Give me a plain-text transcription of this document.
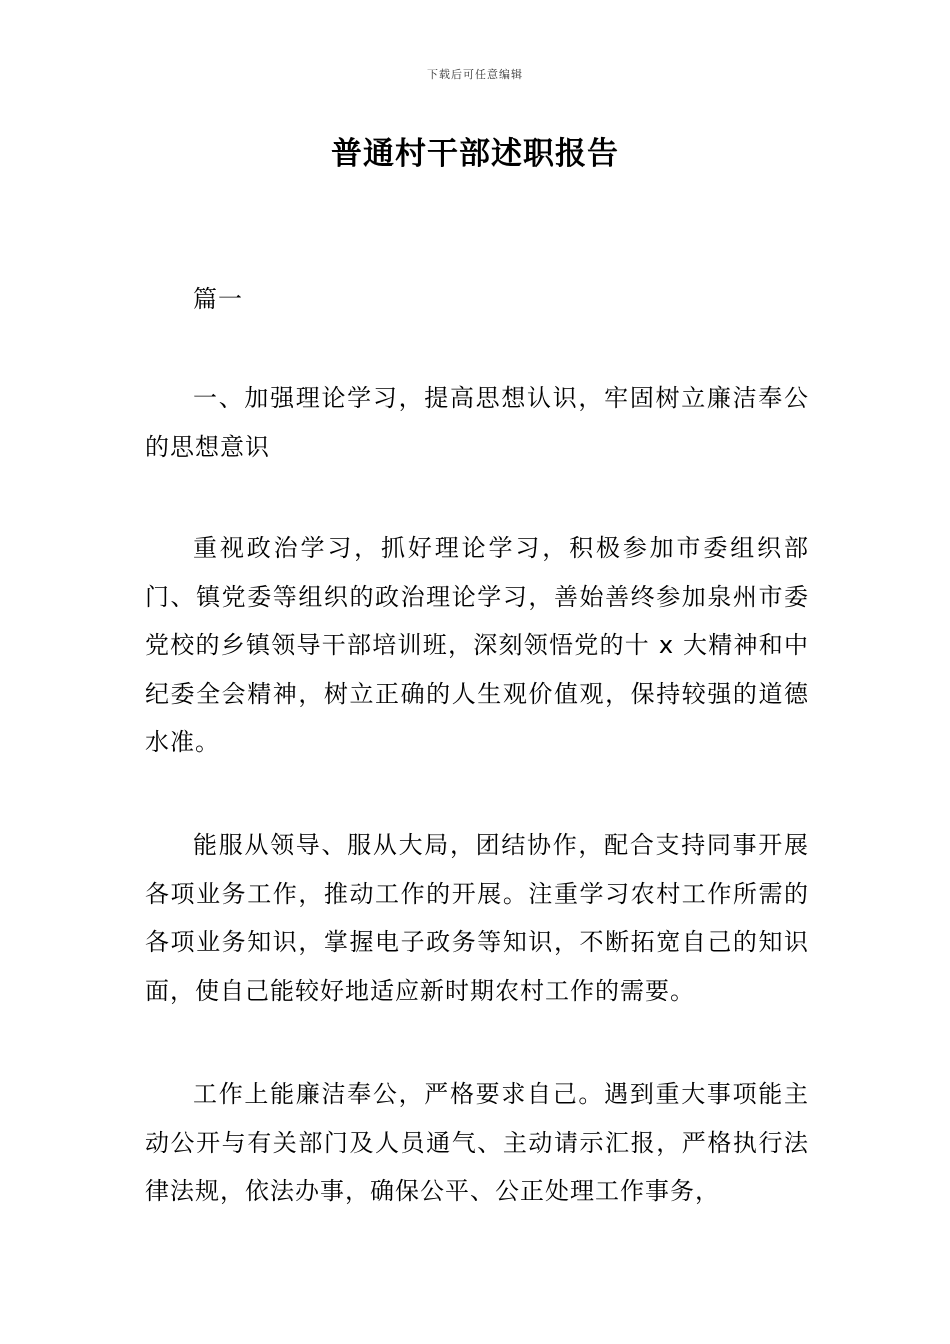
下载后可任意编辑
普通村干部述职报告

篇一

一、加强理论学习，提高思想认识，牢固树立廉洁奉公的思想意识

重视政治学习，抓好理论学习，积极参加市委组织部门、镇党委等组织的政治理论学习，善始善终参加泉州市委党校的乡镇领导干部培训班，深刻领悟党的十 x 大精神和中纪委全会精神，树立正确的人生观价值观，保持较强的道德水准。

能服从领导、服从大局，团结协作，配合支持同事开展各项业务工作，推动工作的开展。注重学习农村工作所需的各项业务知识，掌握电子政务等知识，不断拓宽自己的知识面，使自己能较好地适应新时期农村工作的需要。

工作上能廉洁奉公，严格要求自己。遇到重大事项能主动公开与有关部门及人员通气、主动请示汇报，严格执行法律法规，依法办事，确保公平、公正处理工作事务，
